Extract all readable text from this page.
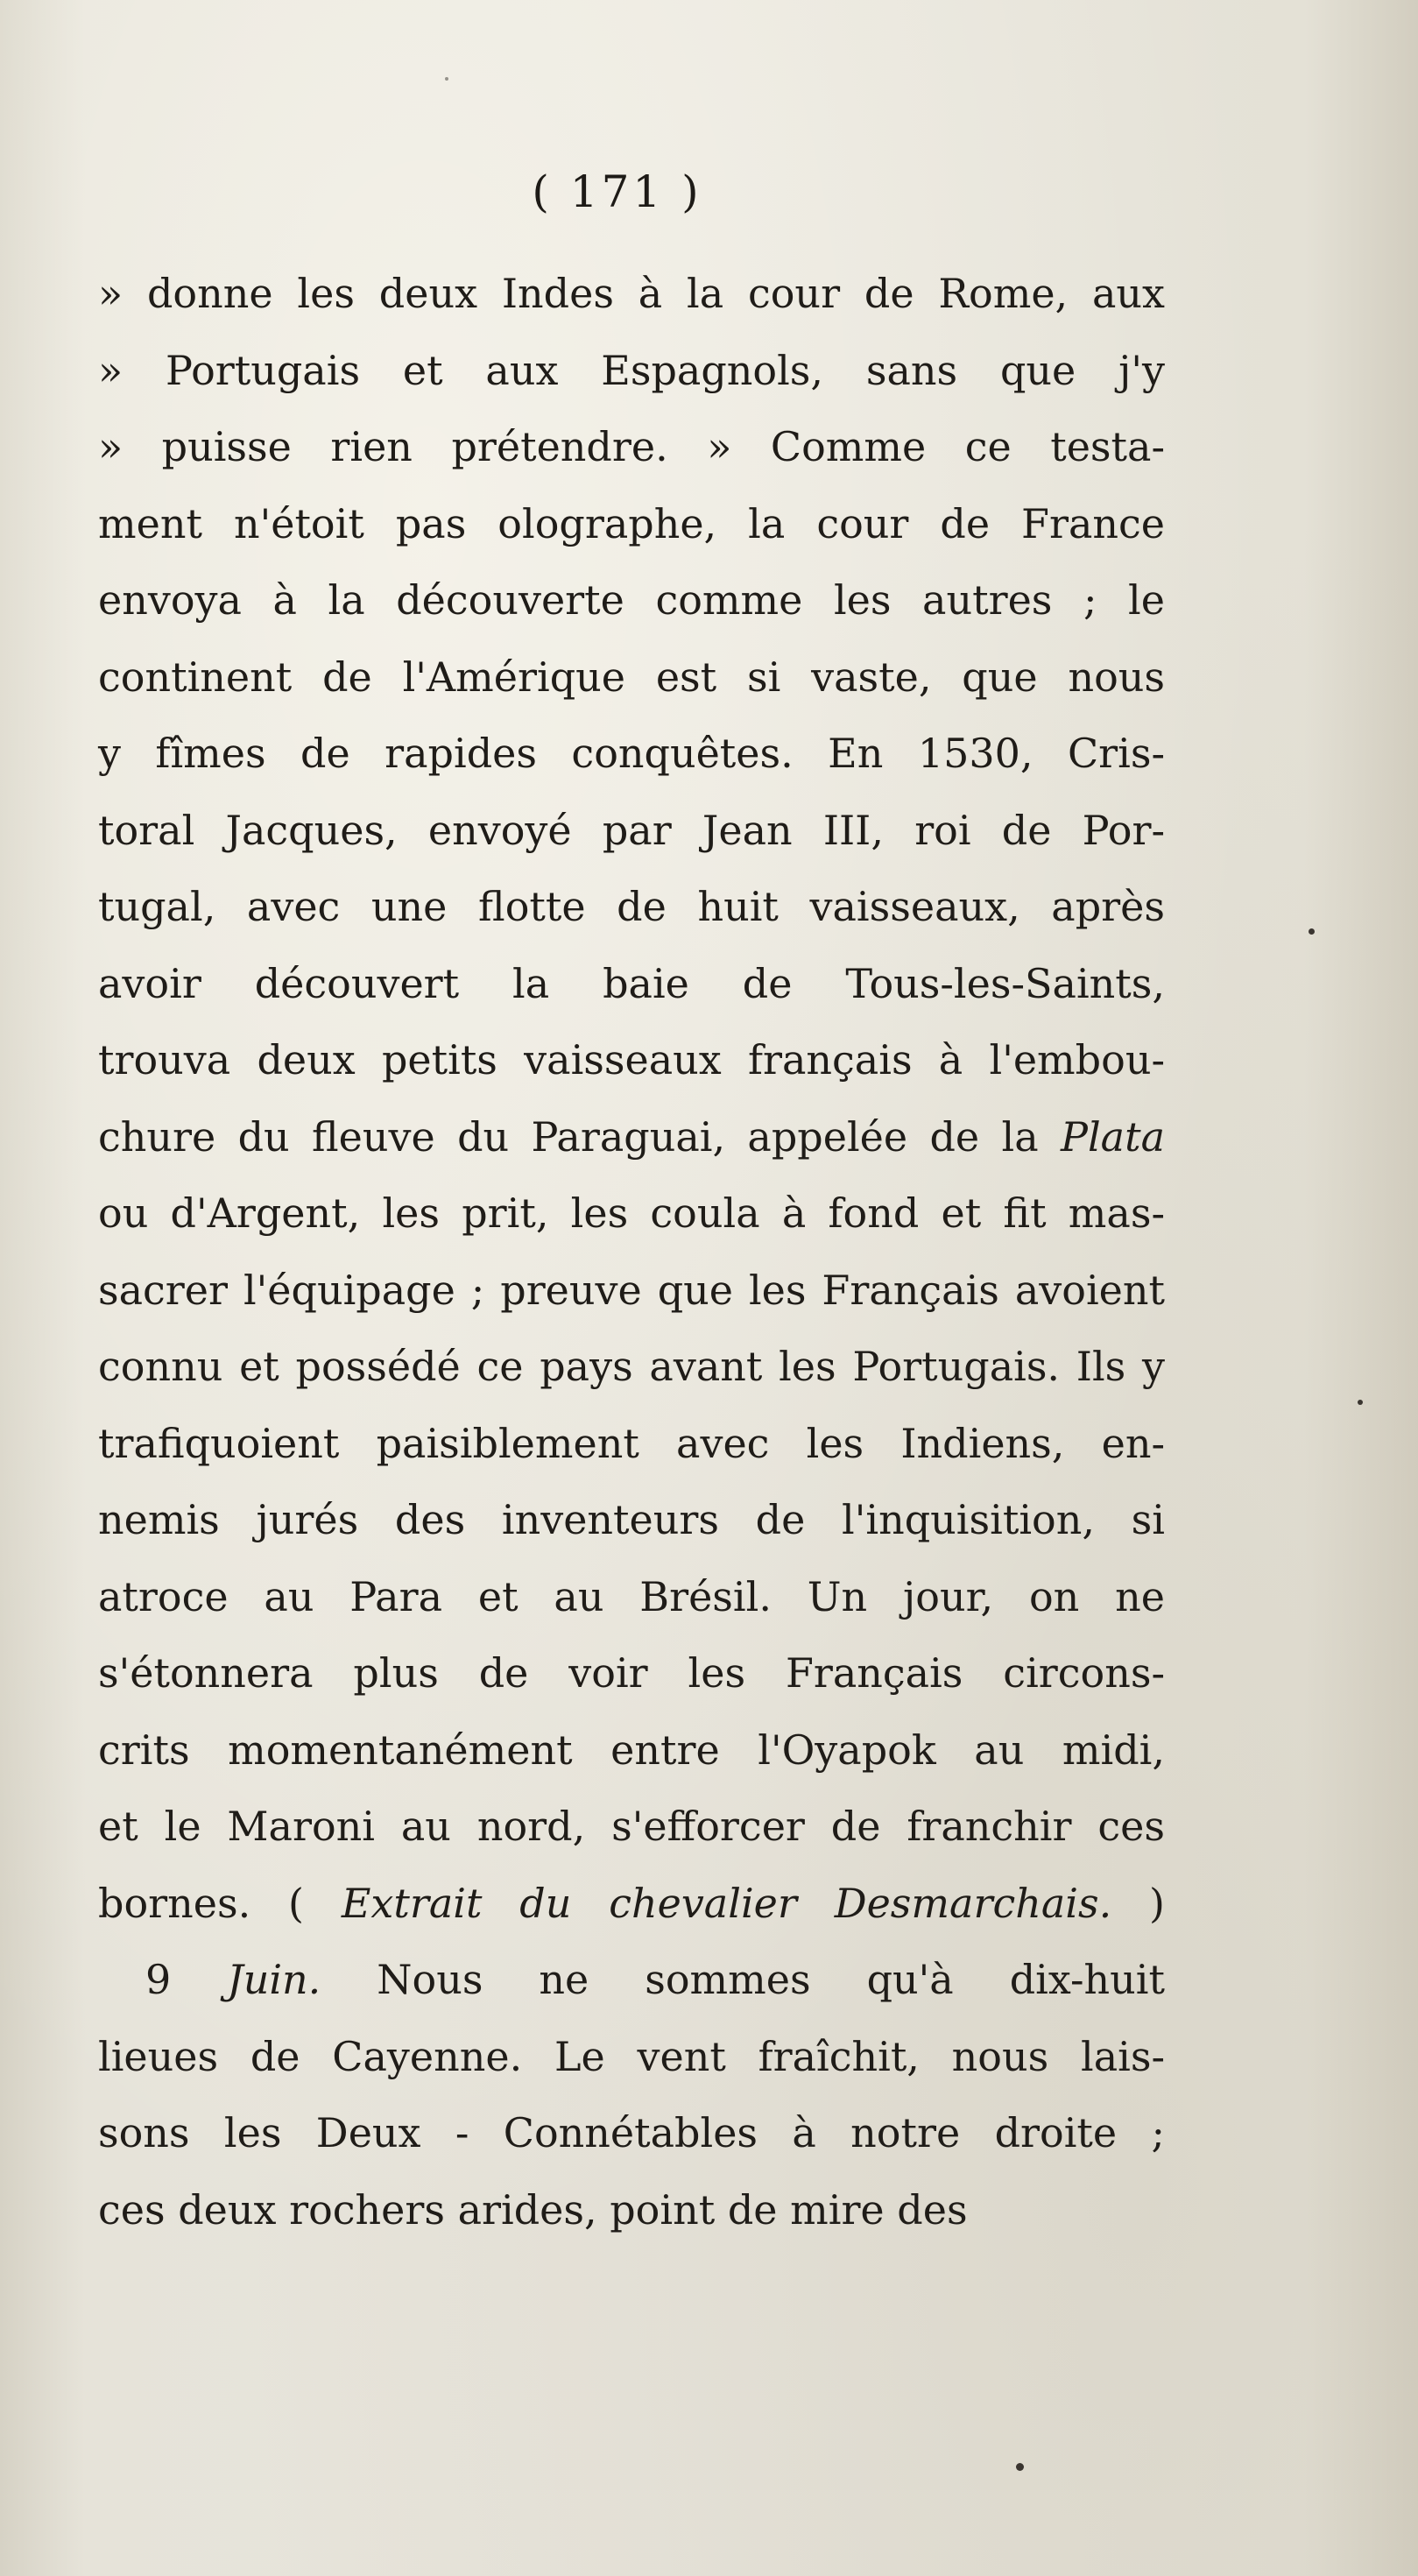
( 171 )
» donne les deux Indes à la cour de Rome, aux
» Portugais et aux Espagnols, sans que j'y
» puisse rien prétendre. » Comme ce testa-
ment n'étoit pas olographe, la cour de France
envoya à la découverte comme les autres ; le
continent de l'Amérique est si vaste, que nous
y fîmes de rapides conquêtes. En 1530, Cris-
toral Jacques, envoyé par Jean III, roi de Por-
tugal, avec une flotte de huit vaisseaux, après
avoir découvert la baie de Tous-les-Saints,
trouva deux petits vaisseaux français à l'embou-
chure du fleuve du Paraguai, appelée de la Plata
ou d'Argent, les prit, les coula à fond et fit mas-
sacrer l'équipage ; preuve que les Français avoient
connu et possédé ce pays avant les Portugais. Ils y
trafiquoient paisiblement avec les Indiens, en-
nemis jurés des inventeurs de l'inquisition, si
atroce au Para et au Brésil. Un jour, on ne
s'étonnera plus de voir les Français circons-
crits momentanément entre l'Oyapok au midi,
et le Maroni au nord, s'efforcer de franchir ces
bornes. ( Extrait du chevalier Desmarchais. )
9 Juin. Nous ne sommes qu'à dix-huit
lieues de Cayenne. Le vent fraîchit, nous lais-
sons les Deux - Connétables à notre droite ;
ces deux rochers arides, point de mire des
